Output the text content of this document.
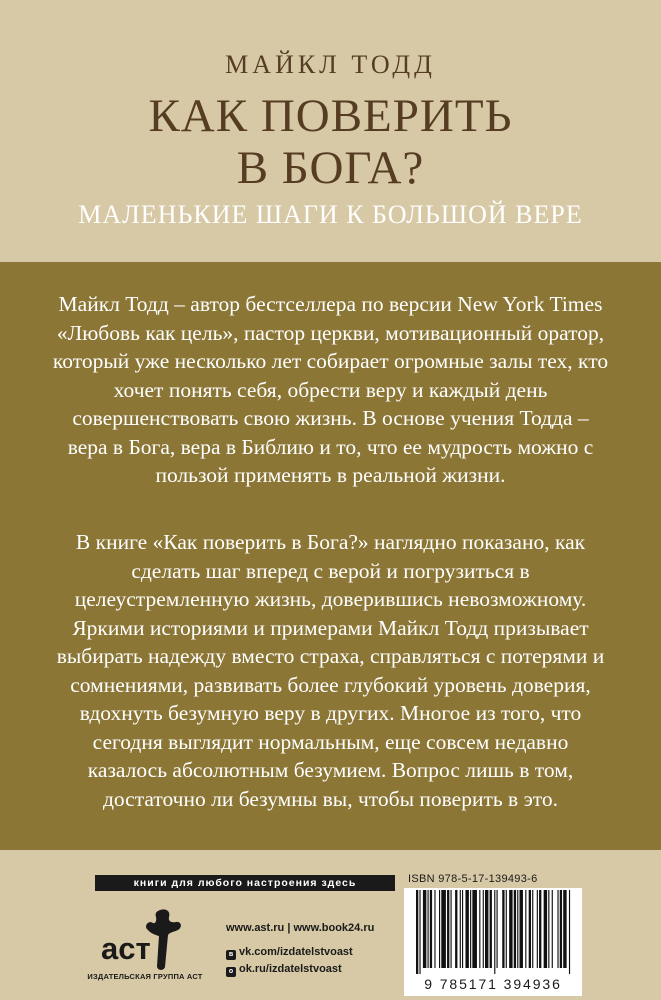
МАЙКЛ ТОДД
КАК ПОВЕРИТЬ
В БОГА?
МАЛЕНЬКИЕ ШАГИ К БОЛЬШОЙ ВЕРЕ

Майкл Тодд – автор бестселлера по версии New York Times «Любовь как цель», пастор церкви, мотивационный оратор, который уже несколько лет собирает огромные залы тех, кто хочет понять себя, обрести веру и каждый день совершенствовать свою жизнь. В основе учения Тодда – вера в Бога, вера в Библию и то, что ее мудрость можно с пользой применять в реальной жизни.

В книге «Как поверить в Бога?» наглядно показано, как сделать шаг вперед с верой и погрузиться в целеустремленную жизнь, доверившись невозможному. Яркими историями и примерами Майкл Тодд призывает выбирать надежду вместо страха, справляться с потерями и сомнениями, развивать более глубокий уровень доверия, вдохнуть безумную веру в других. Многое из того, что сегодня выглядит нормальным, еще совсем недавно казалось абсолютным безумием. Вопрос лишь в том, достаточно ли безумны вы, чтобы поверить в это.

книги для любого настроения здесь
аст
ИЗДАТЕЛЬСКАЯ ГРУППА АСТ
www.ast.ru | www.book24.ru
в vk.com/izdatelstvoast
о ok.ru/izdatelstvoast
ISBN 978-5-17-139493-6
9 785171 394936
